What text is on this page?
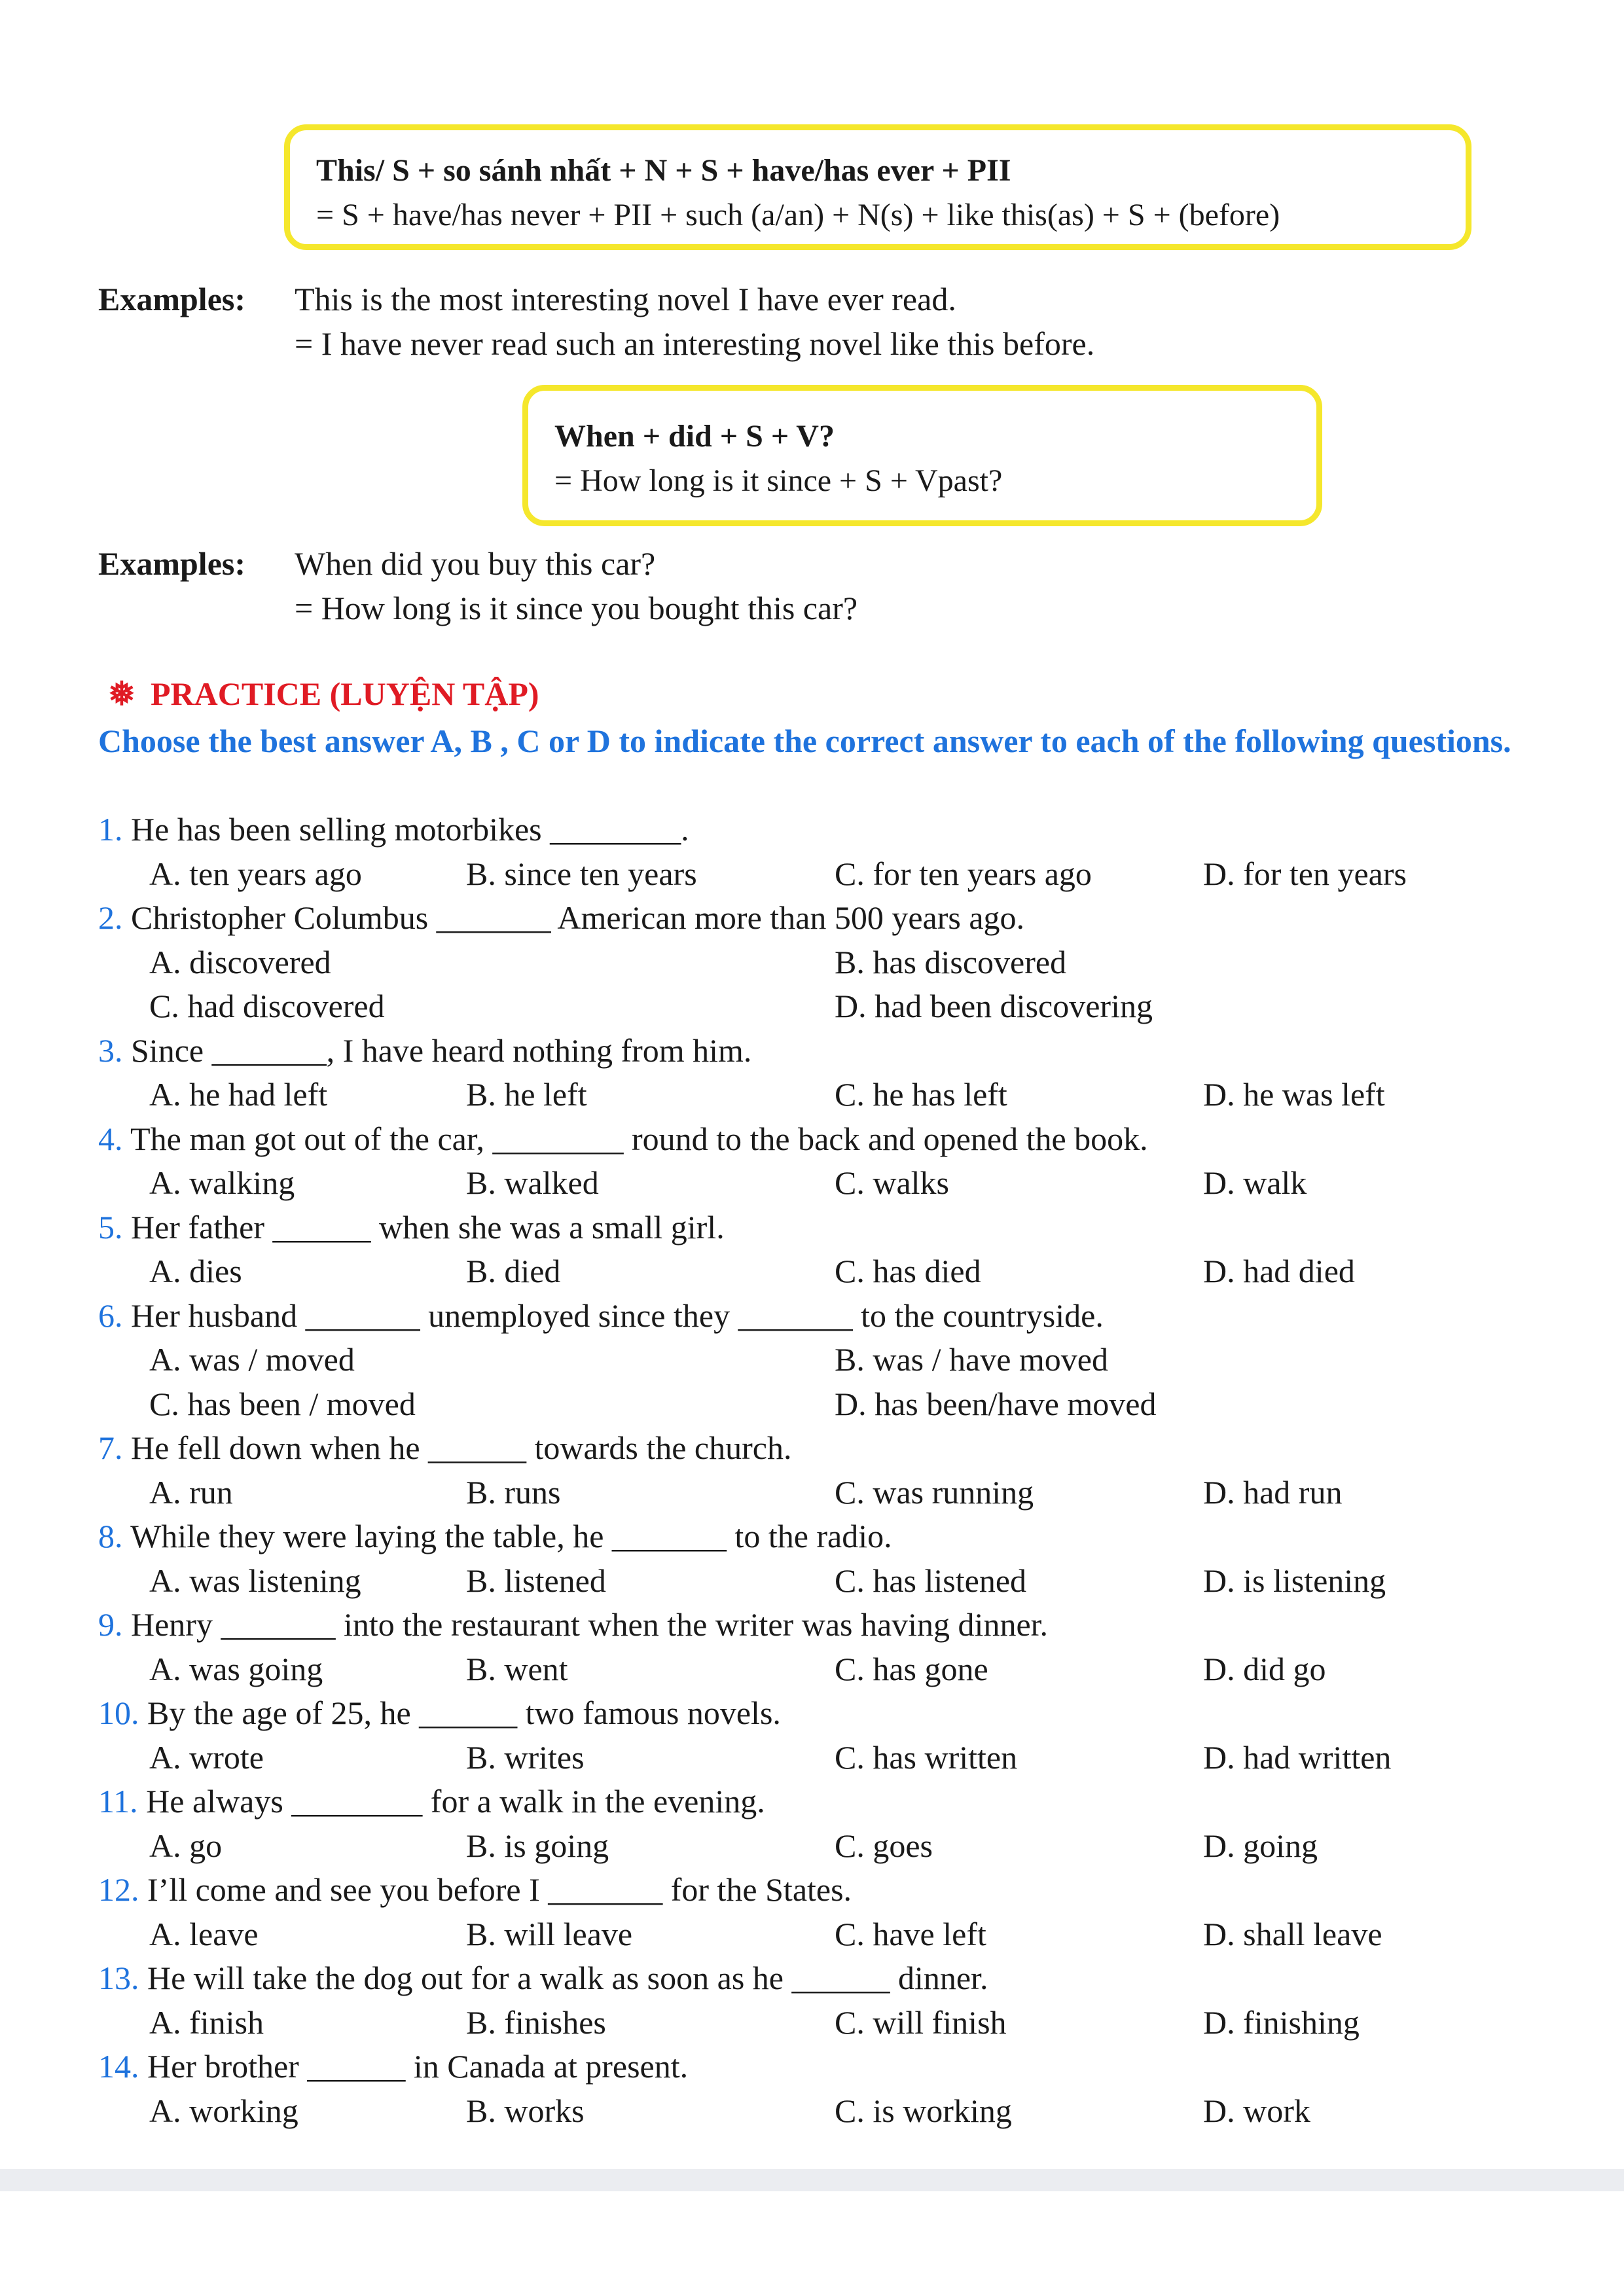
This/ S + so sánh nhất + N + S + have/has ever + PII
= S + have/has never + PII + such (a/an) + N(s) + like this(as) + S + (before)
Examples: This is the most interesting novel I have ever read.
= I have never read such an interesting novel like this before.
When + did + S + V?
= How long is it since + S + Vpast?
Examples: When did you buy this car?
= How long is it since you bought this car?
❅ PRACTICE (LUYỆN TẬP)
Choose the best answer A, B , C or D to indicate the correct answer to each of the following questions.
1. He has been selling motorbikes ________.
A. ten years ago	B. since ten years	C. for ten years ago	D. for ten years
2. Christopher Columbus _______ American more than 500 years ago.
A. discovered	B. has discovered
C. had discovered	D. had been discovering
3. Since _______, I have heard nothing from him.
A. he had left	B. he left	C. he has left	D. he was left
4. The man got out of the car, ________ round to the back and opened the book.
A. walking	B. walked	C. walks	D. walk
5. Her father ______ when she was a small girl.
A. dies	B. died	C. has died	D. had died
6. Her husband _______ unemployed since they _______ to the countryside.
A. was / moved	B. was / have moved
C. has been / moved	D. has been/have moved
7. He fell down when he ______ towards the church.
A. run	B. runs	C. was running	D. had run
8. While they were laying the table, he _______ to the radio.
A. was listening	B. listened	C. has listened	D. is listening
9. Henry _______ into the restaurant when the writer was having dinner.
A. was going	B. went	C. has gone	D. did go
10. By the age of 25, he ______ two famous novels.
A. wrote	B. writes	C. has written	D. had written
11. He always ________ for a walk in the evening.
A. go	B. is going	C. goes	D. going
12. I’ll come and see you before I _______ for the States.
A. leave	B. will leave	C. have left	D. shall leave
13. He will take the dog out for a walk as soon as he ______ dinner.
A. finish	B. finishes	C. will finish	D. finishing
14. Her brother ______ in Canada at present.
A. working	B. works	C. is working	D. work
